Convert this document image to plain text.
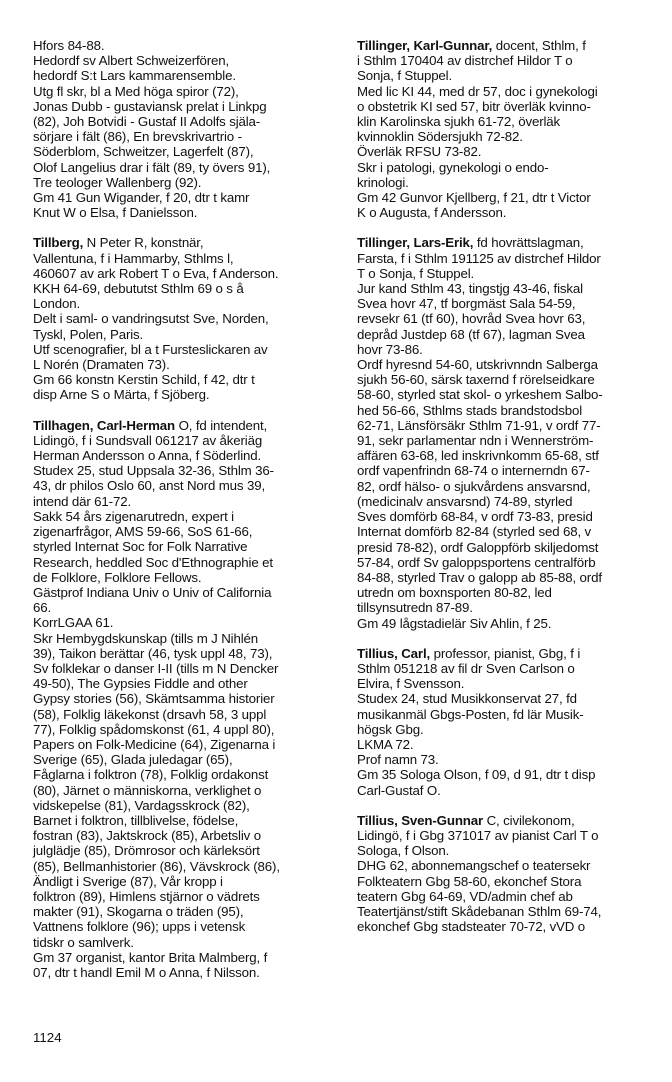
Hfors 84-88.
Hedordf sv Albert Schweizerfören,
hedordf S:t Lars kammarensemble.
Utg fl skr, bl a Med höga spiror (72),
Jonas Dubb - gustaviansk prelat i Linkpg
(82), Joh Botvidi - Gustaf II Adolfs själa-
sörjare i fält (86), En brevskrivartrio -
Söderblom, Schweitzer, Lagerfelt (87),
Olof Langelius drar i fält (89, ty övers 91),
Tre teologer Wallenberg (92).
Gm 41 Gun Wigander, f 20, dtr t kamr
Knut W o Elsa, f Danielsson.
Tillberg, N Peter R, konstnär,
Vallentuna, f i Hammarby, Sthlms l,
460607 av ark Robert T o Eva, f Anderson.
KKH 64-69, debututst Sthlm 69 o s å
London.
Delt i saml- o vandringsutst Sve, Norden,
Tyskl, Polen, Paris.
Utf scenografier, bl a t Fursteslickaren av
L Norén (Dramaten 73).
Gm 66 konstn Kerstin Schild, f 42, dtr t
disp Arne S o Märta, f Sjöberg.
Tillhagen, Carl-Herman O, fd intendent,
Lidingö, f i Sundsvall 061217 av åkeriäg
Herman Andersson o Anna, f Söderlind.
Studex 25, stud Uppsala 32-36, Sthlm 36-
43, dr philos Oslo 60, anst Nord mus 39,
intend där 61-72.
Sakk 54 års zigenarutredn, expert i
zigenarfrågor, AMS 59-66, SoS 61-66,
styrled Internat Soc for Folk Narrative
Research, heddled Soc d'Ethnographie et
de Folklore, Folklore Fellows.
Gästprof Indiana Univ o Univ of California
66.
KorrLGAA 61.
Skr Hembygdskunskap (tills m J Nihlén
39), Taikon berättar (46, tysk uppl 48, 73),
Sv folklekar o danser I-II (tills m N Dencker
49-50), The Gypsies Fiddle and other
Gypsy stories (56), Skämtsamma historier
(58), Folklig läkekonst (drsavh 58, 3 uppl
77), Folklig spådomskonst (61, 4 uppl 80),
Papers on Folk-Medicine (64), Zigenarna i
Sverige (65), Glada juledagar (65),
Fåglarna i folktron (78), Folklig ordakonst
(80), Järnet o människorna, verklighet o
vidskepelse (81), Vardagsskrock (82),
Barnet i folktron, tillblivelse, födelse,
fostran (83), Jaktskrock (85), Arbetsliv o
julglädje (85), Drömrosor och kärleksört
(85), Bellmanhistorier (86), Vävskrock (86),
Ändligt i Sverige (87), Vår kropp i
folktron (89), Himlens stjärnor o vädrets
makter (91), Skogarna o träden (95),
Vattnens folklore (96); upps i vetensk
tidskr o samlverk.
Gm 37 organist, kantor Brita Malmberg, f
07, dtr t handl Emil M o Anna, f Nilsson.
Tillinger, Karl-Gunnar, docent, Sthlm, f
i Sthlm 170404 av distrchef Hildor T o
Sonja, f Stuppel.
Med lic KI 44, med dr 57, doc i gynekologi
o obstetrik KI sed 57, bitr överläk kvinno-
klin Karolinska sjukh 61-72, överläk
kvinnoklin Södersjukh 72-82.
Överläk RFSU 73-82.
Skr i patologi, gynekologi o endo-
krinologi.
Gm 42 Gunvor Kjellberg, f 21, dtr t Victor
K o Augusta, f Andersson.
Tillinger, Lars-Erik, fd hovrättslagman,
Farsta, f i Sthlm 191125 av distrchef Hildor
T o Sonja, f Stuppel.
Jur kand Sthlm 43, tingstjg 43-46, fiskal
Svea hovr 47, tf borgmäst Sala 54-59,
revsekr 61 (tf 60), hovråd Svea hovr 63,
depråd Justdep 68 (tf 67), lagman Svea
hovr 73-86.
Ordf hyresnd 54-60, utskrivnndn Salberga
sjukh 56-60, särsk taxernd f rörelseidkare
58-60, styrled stat skol- o yrkeshem Salbo-
hed 56-66, Sthlms stads brandstodsbol
62-71, Länsförsäkr Sthlm 71-91, v ordf 77-
91, sekr parlamentar ndn i Wennerström-
affären 63-68, led inskrivnkomm 65-68, stf
ordf vapenfrindn 68-74 o internerndn 67-
82, ordf hälso- o sjukvårdens ansvarsnd,
(medicinalv ansvarsnd) 74-89, styrled
Sves domförb 68-84, v ordf 73-83, presid
Internat domförb 82-84 (styrled sed 68, v
presid 78-82), ordf Galoppförb skiljedomst
57-84, ordf Sv galoppsportens centralförb
84-88, styrled Trav o galopp ab 85-88, ordf
utredn om boxnsporten 80-82, led
tillsynsutredn 87-89.
Gm 49 lågstadielär Siv Ahlin, f 25.
Tillius, Carl, professor, pianist, Gbg, f i
Sthlm 051218 av fil dr Sven Carlson o
Elvira, f Svensson.
Studex 24, stud Musikkonservat 27, fd
musikanmäl Gbgs-Posten, fd lär Musik-
högsk Gbg.
LKMA 72.
Prof namn 73.
Gm 35 Sologa Olson, f 09, d 91, dtr t disp
Carl-Gustaf O.
Tillius, Sven-Gunnar C, civilekonom,
Lidingö, f i Gbg 371017 av pianist Carl T o
Sologa, f Olson.
DHG 62, abonnemangschef o teatersekr
Folkteatern Gbg 58-60, ekonchef Stora
teatern Gbg 64-69, VD/admin chef ab
Teatertjänst/stift Skådebanan Sthlm 69-74,
ekonchef Gbg stadsteater 70-72, vVD o
1124
